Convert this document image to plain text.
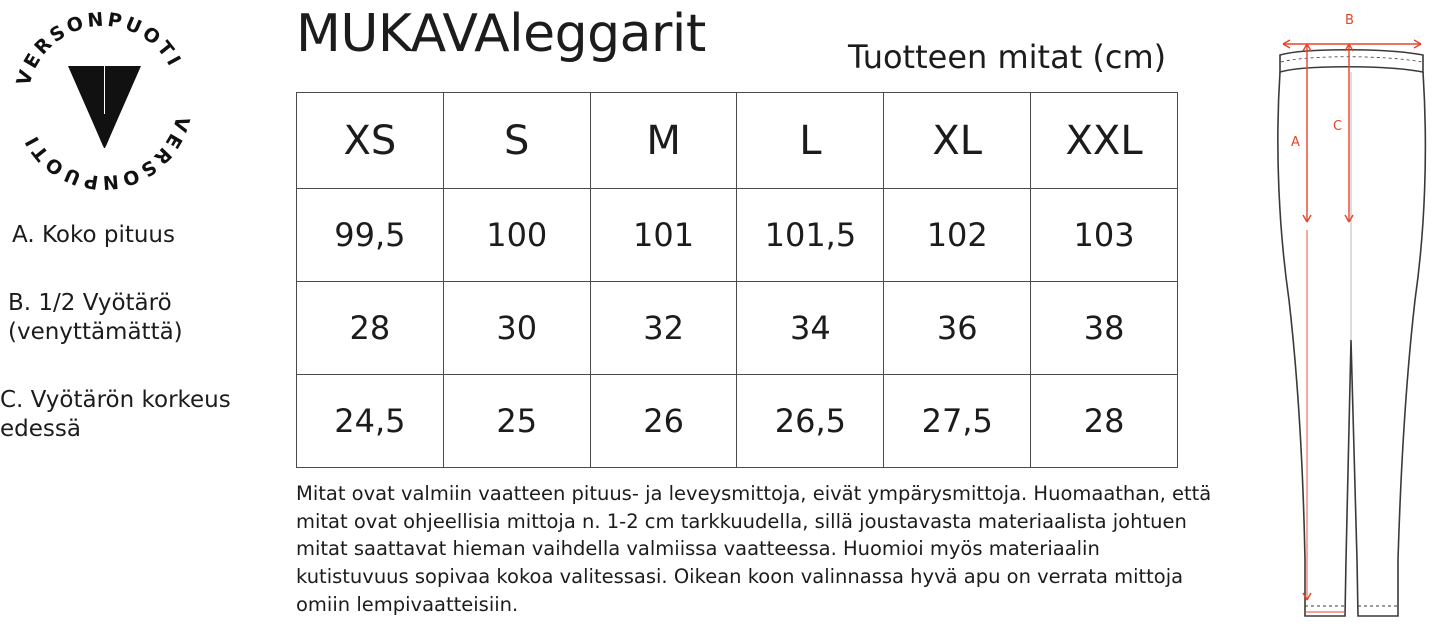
VERSONPUOTI
VERSONPUOTI
MUKAVAleggarit	Tuotteen mitat (cm)
A. Koko pituus
B. 1/2 Vyötärö (venyttämättä)
C. Vyötärön korkeus edessä
XS	S	M	L	XL	XXL
99,5	100	101	101,5	102	103
28	30	32	34	36	38
24,5	25	26	26,5	27,5	28
Mitat ovat valmiin vaatteen pituus- ja leveysmittoja, eivät ympärysmittoja. Huomaathan, että mitat ovat ohjeellisia mittoja n. 1-2 cm tarkkuudella, sillä joustavasta materiaalista johtuen mitat saattavat hieman vaihdella valmiissa vaatteessa. Huomioi myös materiaalin kutistuvuus sopivaa kokoa valitessasi. Oikean koon valinnassa hyvä apu on verrata mittoja omiin lempivaatteisiin.
B
A
C
